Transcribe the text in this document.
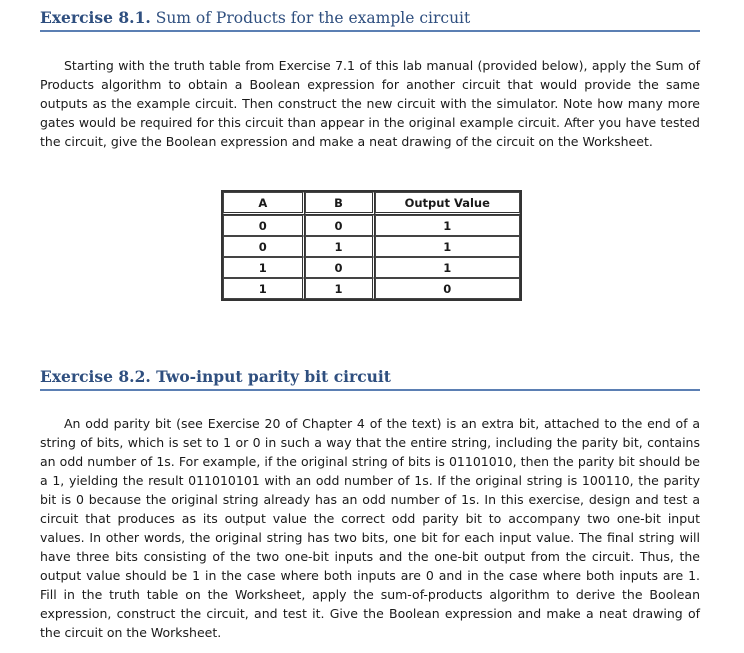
Exercise 8.1. Sum of Products for the example circuit

Starting with the truth table from Exercise 7.1 of this lab manual (provided below), apply the Sum of Products algorithm to obtain a Boolean expression for another circuit that would provide the same outputs as the example circuit. Then construct the new circuit with the simulator. Note how many more gates would be required for this circuit than appear in the original example circuit. After you have tested the circuit, give the Boolean expression and make a neat drawing of the circuit on the Worksheet.

A	B	Output Value
0	0	1
0	1	1
1	0	1
1	1	0
Exercise 8.2. Two-input parity bit circuit

An odd parity bit (see Exercise 20 of Chapter 4 of the text) is an extra bit, attached to the end of a string of bits, which is set to 1 or 0 in such a way that the entire string, including the parity bit, contains an odd number of 1s. For example, if the original string of bits is 01101010, then the parity bit should be a 1, yielding the result 011010101 with an odd number of 1s. If the original string is 100110, the parity bit is 0 because the original string already has an odd number of 1s. In this exercise, design and test a circuit that produces as its output value the correct odd parity bit to accompany two one-bit input values. In other words, the original string has two bits, one bit for each input value. The final string will have three bits consisting of the two one-bit inputs and the one-bit output from the circuit. Thus, the output value should be 1 in the case where both inputs are 0 and in the case where both inputs are 1. Fill in the truth table on the Worksheet, apply the sum-of-products algorithm to derive the Boolean expression, construct the circuit, and test it. Give the Boolean expression and make a neat drawing of the circuit on the Worksheet.
